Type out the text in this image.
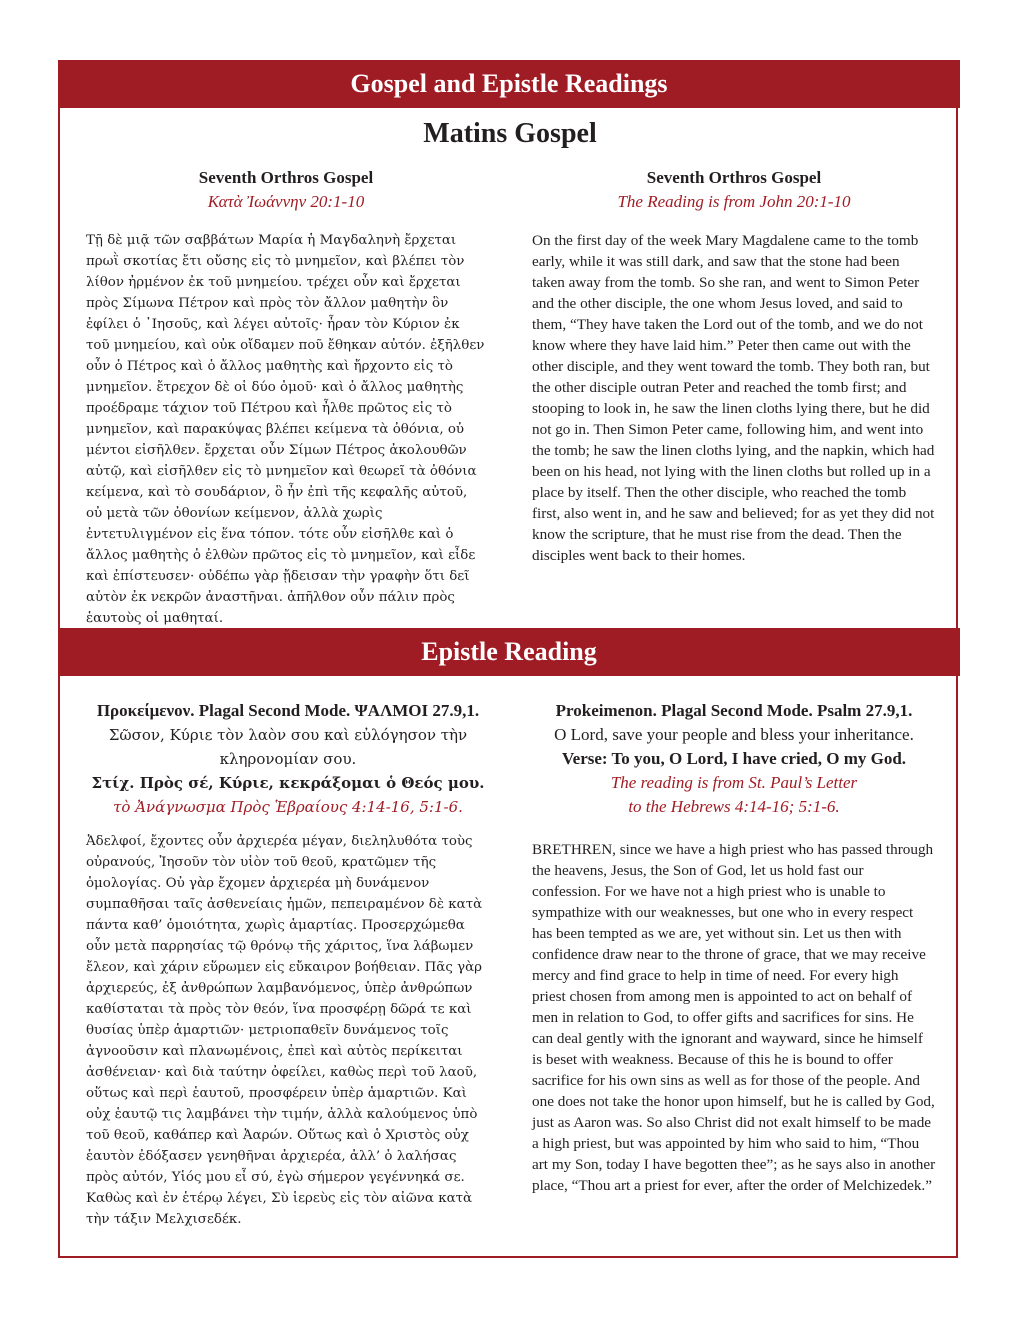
Gospel and Epistle Readings
Matins Gospel
Seventh Orthros Gospel
Κατὰ Ἰωάννην 20:1-10
Τῇ δὲ μιᾷ τῶν σαββάτων Μαρία ἡ Μαγδαληνὴ ἔρχεται πρωῒ σκοτίας ἔτι οὔσης εἰς τὸ μνημεῖον, καὶ βλέπει τὸν λίθον ἠρμένον ἐκ τοῦ μνημείου. τρέχει οὖν καὶ ἔρχεται πρὸς Σίμωνα Πέτρον καὶ πρὸς τὸν ἄλλον μαθητὴν ὃν ἐφίλει ὁ ᾿Ιησοῦς, καὶ λέγει αὐτοῖς· ἦραν τὸν Κύριον ἐκ τοῦ μνημείου, καὶ οὐκ οἴδαμεν ποῦ ἔθηκαν αὐτόν. ἐξῆλθεν οὖν ὁ Πέτρος καὶ ὁ ἄλλος μαθητὴς καὶ ἤρχοντο εἰς τὸ μνημεῖον. ἔτρεχον δὲ οἱ δύο ὁμοῦ· καὶ ὁ ἄλλος μαθητὴς προέδραμε τάχιον τοῦ Πέτρου καὶ ἦλθε πρῶτος εἰς τὸ μνημεῖον, καὶ παρακύψας βλέπει κείμενα τὰ ὀθόνια, οὐ μέντοι εἰσῆλθεν. ἔρχεται οὖν Σίμων Πέτρος ἀκολουθῶν αὐτῷ, καὶ εἰσῆλθεν εἰς τὸ μνημεῖον καὶ θεωρεῖ τὰ ὀθόνια κείμενα, καὶ τὸ σουδάριον, ὃ ἦν ἐπὶ τῆς κεφαλῆς αὐτοῦ, οὐ μετὰ τῶν ὀθονίων κείμενον, ἀλλὰ χωρὶς ἐντετυλιγμένον εἰς ἕνα τόπον. τότε οὖν εἰσῆλθε καὶ ὁ ἄλλος μαθητὴς ὁ ἐλθὼν πρῶτος εἰς τὸ μνημεῖον, καὶ εἶδε καὶ ἐπίστευσεν· οὐδέπω γὰρ ᾔδεισαν τὴν γραφὴν ὅτι δεῖ αὐτὸν ἐκ νεκρῶν ἀναστῆναι. ἀπῆλθον οὖν πάλιν πρὸς ἑαυτοὺς οἱ μαθηταί.
Seventh Orthros Gospel
The Reading is from John 20:1-10
On the first day of the week Mary Magdalene came to the tomb early, while it was still dark, and saw that the stone had been taken away from the tomb. So she ran, and went to Simon Peter and the other disciple, the one whom Jesus loved, and said to them, “They have taken the Lord out of the tomb, and we do not know where they have laid him.” Peter then came out with the other disciple, and they went toward the tomb. They both ran, but the other disciple outran Peter and reached the tomb first; and stooping to look in, he saw the linen cloths lying there, but he did not go in. Then Simon Peter came, following him, and went into the tomb; he saw the linen cloths lying, and the napkin, which had been on his head, not lying with the linen cloths but rolled up in a place by itself. Then the other disciple, who reached the tomb first, also went in, and he saw and believed; for as yet they did not know the scripture, that he must rise from the dead. Then the disciples went back to their homes.
Epistle Reading
Προκείμενον. Plagal Second Mode. ΨΑΛΜΟΙ 27.9,1.
Σῶσον, Κύριε τὸν λαὸν σου καὶ εὐλόγησον τὴν κληρονομίαν σου.
Στίχ. Πρὸς σέ, Κύριε, κεκράξομαι ὁ Θεός μου.
τὸ Ἀνάγνωσμα Πρὸς Ἑβραίους 4:14-16, 5:1-6.
Ἀδελφοί, ἔχοντες οὖν ἀρχιερέα μέγαν, διεληλυθότα τοὺς οὐρανούς, Ἰησοῦν τὸν υἱὸν τοῦ θεοῦ, κρατῶμεν τῆς ὁμολογίας. Οὐ γὰρ ἔχομεν ἀρχιερέα μὴ δυνάμενον συμπαθῆσαι ταῖς ἀσθενείαις ἡμῶν, πεπειραμένον δὲ κατὰ πάντα καθ’ ὁμοιότητα, χωρὶς ἁμαρτίας. Προσερχώμεθα οὖν μετὰ παρρησίας τῷ θρόνῳ τῆς χάριτος, ἵνα λάβωμεν ἔλεον, καὶ χάριν εὕρωμεν εἰς εὔκαιρον βοήθειαν. Πᾶς γὰρ ἀρχιερεύς, ἐξ ἀνθρώπων λαμβανόμενος, ὑπὲρ ἀνθρώπων καθίσταται τὰ πρὸς τὸν θεόν, ἵνα προσφέρῃ δῶρά τε καὶ θυσίας ὑπὲρ ἁμαρτιῶν· μετριοπαθεῖν δυνάμενος τοῖς ἀγνοοῦσιν καὶ πλανωμένοις, ἐπεὶ καὶ αὐτὸς περίκειται ἀσθένειαν· καὶ διὰ ταύτην ὀφείλει, καθὼς περὶ τοῦ λαοῦ, οὕτως καὶ περὶ ἑαυτοῦ, προσφέρειν ὑπὲρ ἁμαρτιῶν. Καὶ οὐχ ἑαυτῷ τις λαμβάνει τὴν τιμήν, ἀλλὰ καλούμενος ὑπὸ τοῦ θεοῦ, καθάπερ καὶ Ἀαρών. Οὕτως καὶ ὁ Χριστὸς οὐχ ἑαυτὸν ἐδόξασεν γενηθῆναι ἀρχιερέα, ἀλλ’ ὁ λαλήσας πρὸς αὐτόν, Υἱός μου εἶ σύ, ἐγὼ σήμερον γεγέννηκά σε. Καθὼς καὶ ἐν ἑτέρῳ λέγει, Σὺ ἱερεὺς εἰς τὸν αἰῶνα κατὰ τὴν τάξιν Μελχισεδέκ.
Prokeimenon. Plagal Second Mode. Psalm 27.9,1.
O Lord, save your people and bless your inheritance.
Verse: To you, O Lord, I have cried, O my God.
The reading is from St. Paul’s Letter
to the Hebrews 4:14-16; 5:1-6.
BRETHREN, since we have a high priest who has passed through the heavens, Jesus, the Son of God, let us hold fast our confession. For we have not a high priest who is unable to sympathize with our weaknesses, but one who in every respect has been tempted as we are, yet without sin. Let us then with confidence draw near to the throne of grace, that we may receive mercy and find grace to help in time of need. For every high priest chosen from among men is appointed to act on behalf of men in relation to God, to offer gifts and sacrifices for sins. He can deal gently with the ignorant and wayward, since he himself is beset with weakness. Because of this he is bound to offer sacrifice for his own sins as well as for those of the people. And one does not take the honor upon himself, but he is called by God, just as Aaron was. So also Christ did not exalt himself to be made a high priest, but was appointed by him who said to him, “Thou art my Son, today I have begotten thee”; as he says also in another place, “Thou art a priest for ever, after the order of Melchizedek.”
